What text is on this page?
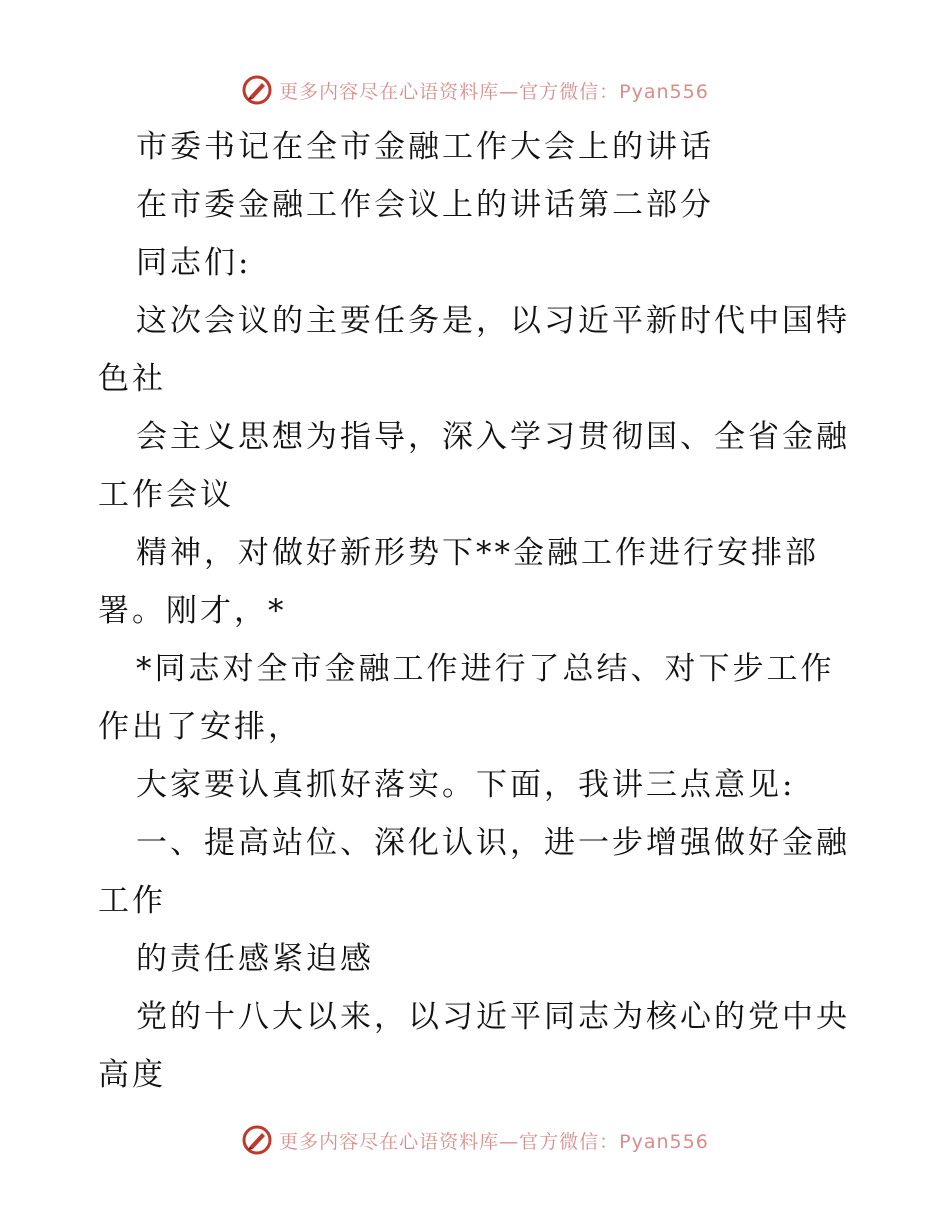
更多内容尽在心语资料库—官方微信：Pyan556
市委书记在全市金融工作大会上的讲话
在市委金融工作会议上的讲话第二部分
同志们:
这次会议的主要任务是，以习近平新时代中国特
色社
会主义思想为指导，深入学习贯彻国、全省金融
工作会议
精神，对做好新形势下**金融工作进行安排部
署。刚才，*
*同志对全市金融工作进行了总结、对下步工作
作出了安排，
大家要认真抓好落实。下面，我讲三点意见:
一、提高站位、深化认识，进一步增强做好金融
工作
的责任感紧迫感
党的十八大以来，以习近平同志为核心的党中央
高度
更多内容尽在心语资料库—官方微信：Pyan556
